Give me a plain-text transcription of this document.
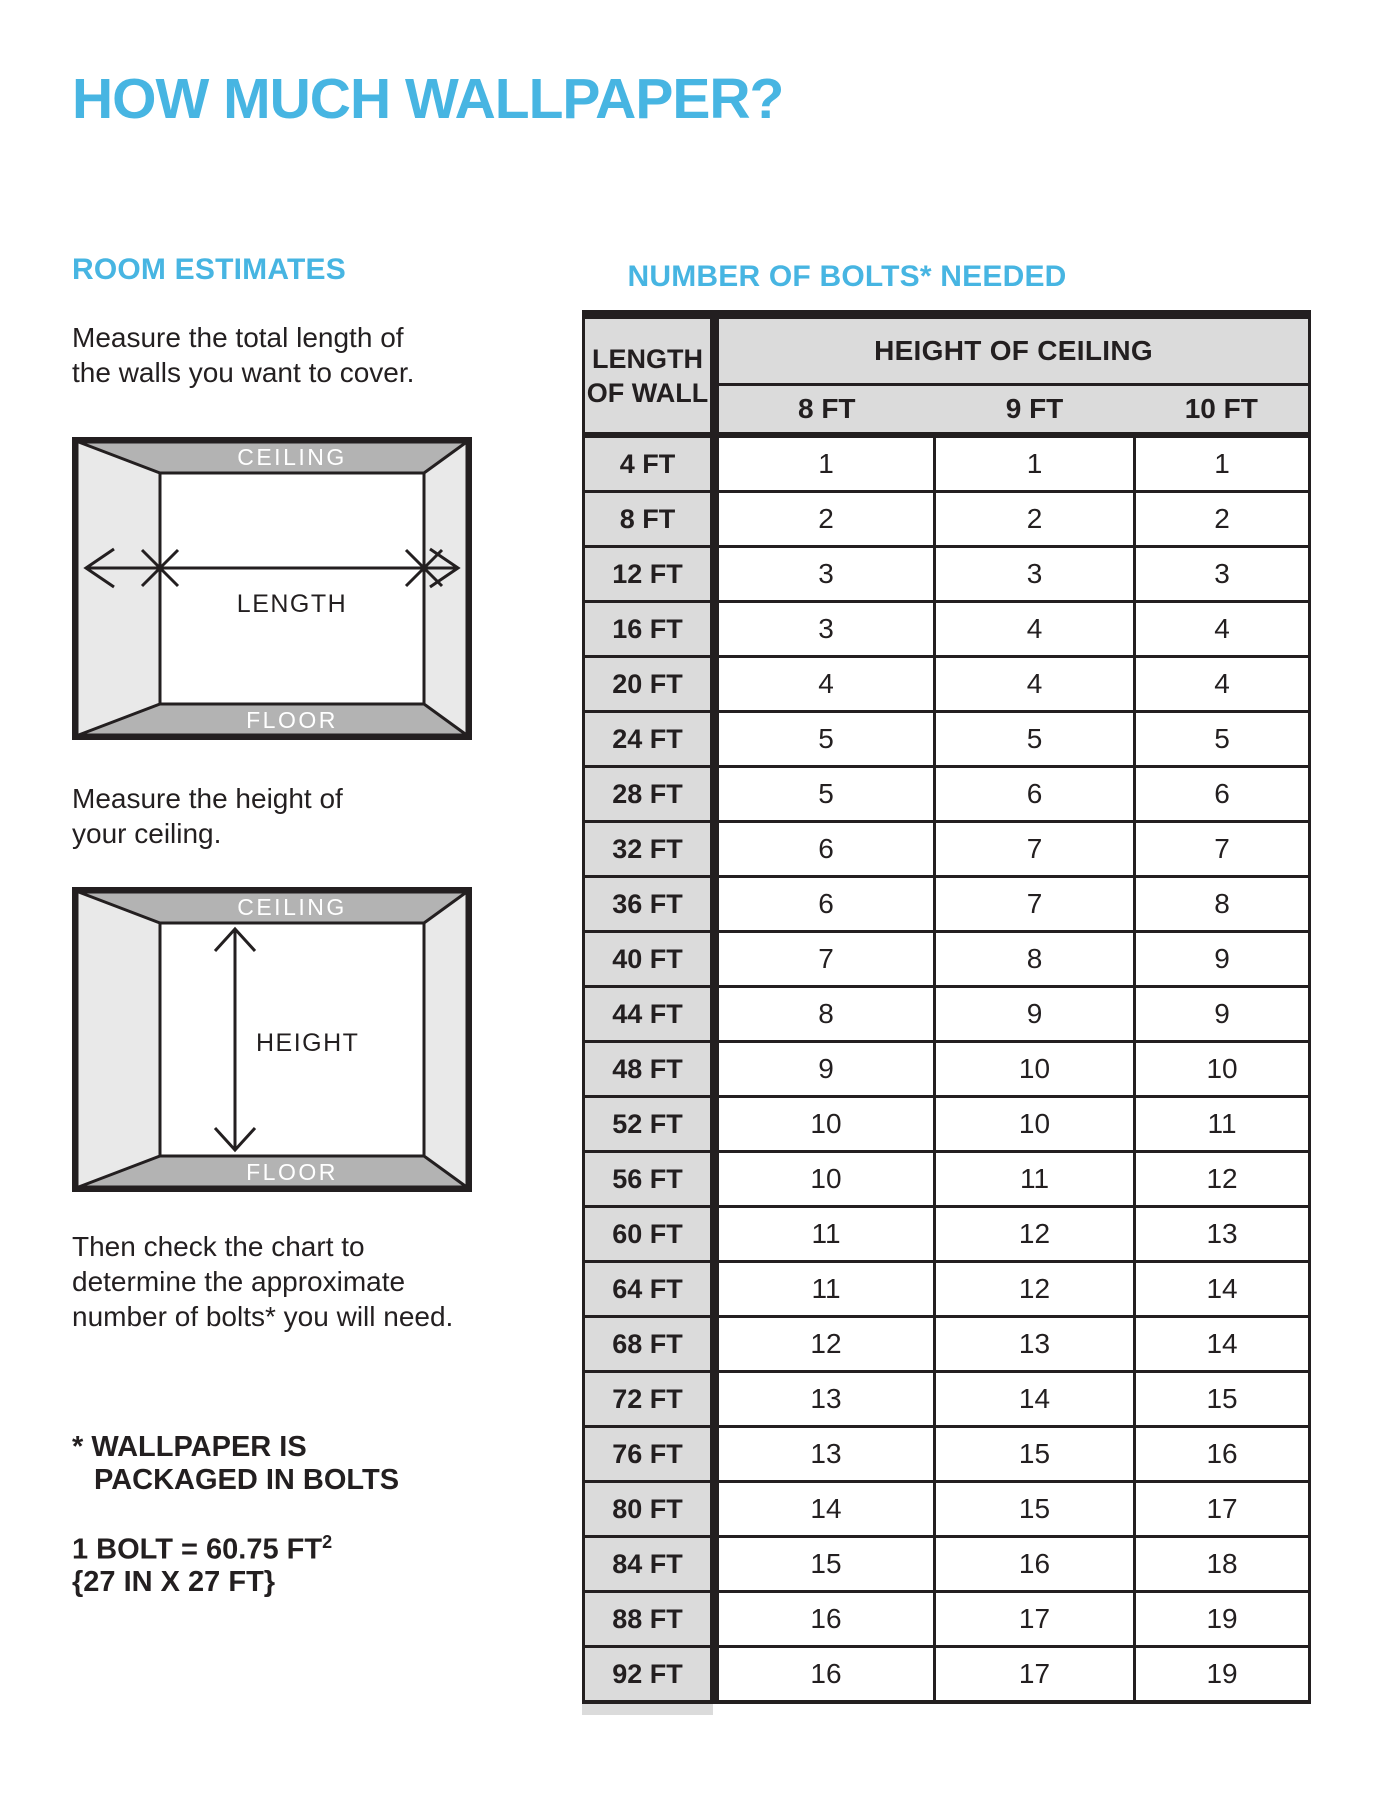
HOW MUCH WALLPAPER?
ROOM ESTIMATES	NUMBER OF BOLTS* NEEDED
Measure the total length of the walls you want to cover.
CEILING
FLOOR
LENGTH
Measure the height of your ceiling.
CEILING
FLOOR
HEIGHT
Then check the chart to determine the approximate number of bolts* you will need.
* WALLPAPER IS
PACKAGED IN BOLTS
1 BOLT = 60.75 $FT^2$
{27 IN X 27 FT}
LENGTH OF WALL	HEIGHT OF CEILING		
	8 FT	9 FT	10 FT
4 FT	1	1	1
8 FT	2	2	2
12 FT	3	3	3
16 FT	3	4	4
20 FT	4	4	4
24 FT	5	5	5
28 FT	5	6	6
32 FT	6	7	7
36 FT	6	7	8
40 FT	7	8	9
44 FT	8	9	9
48 FT	9	10	10
52 FT	10	10	11
56 FT	10	11	12
60 FT	11	12	13
64 FT	11	12	14
68 FT	12	13	14
72 FT	13	14	15
76 FT	13	15	16
80 FT	14	15	17
84 FT	15	16	18
88 FT	16	17	19
92 FT	16	17	19
